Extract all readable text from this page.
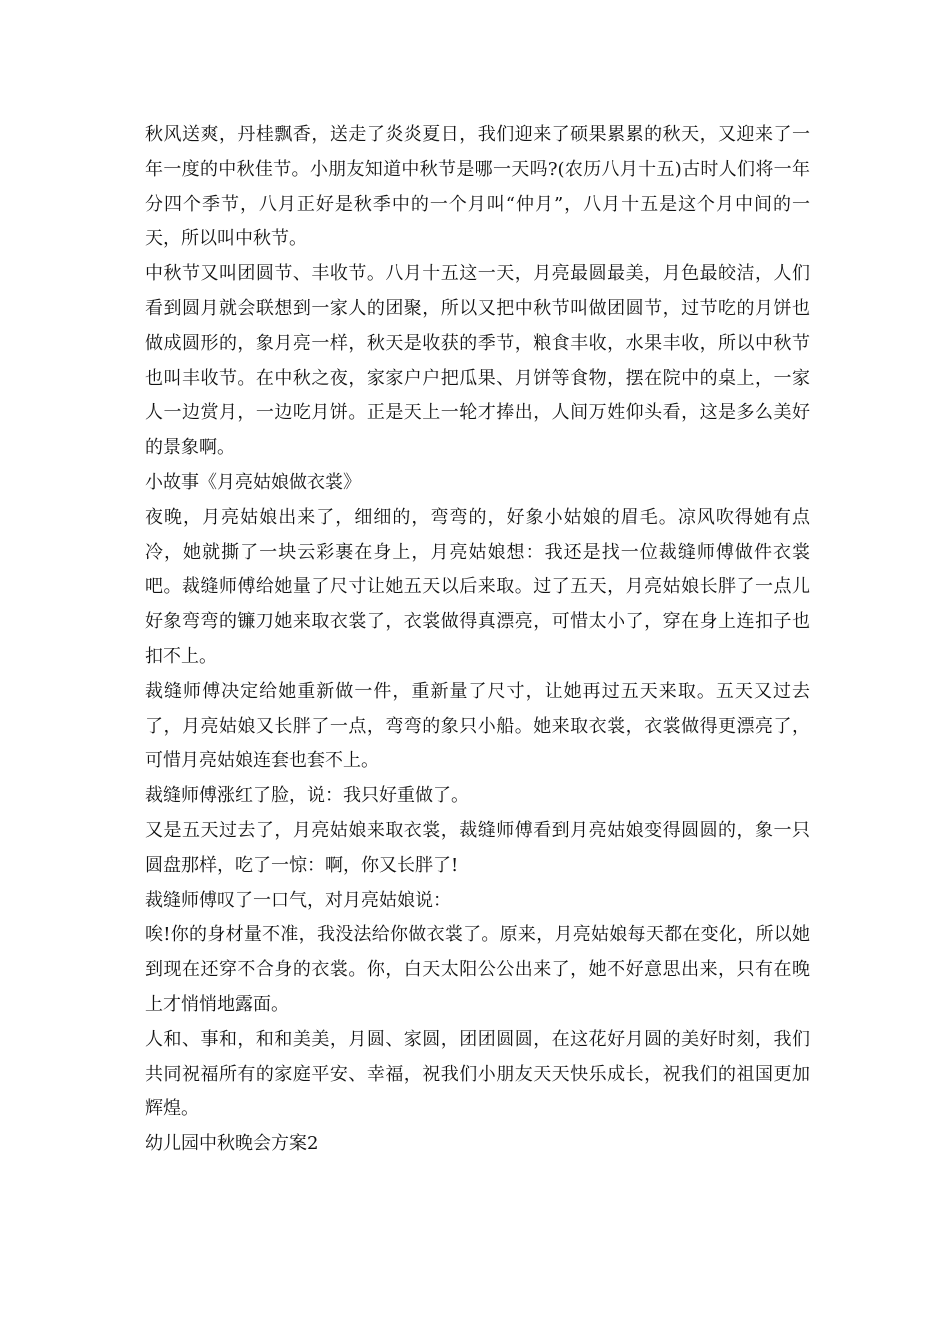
秋风送爽，丹桂飘香，送走了炎炎夏日，我们迎来了硕果累累的秋天，又迎来了一年一度的中秋佳节。小朋友知道中秋节是哪一天吗?(农历八月十五)古时人们将一年分四个季节，八月正好是秋季中的一个月叫“仲月”，八月十五是这个月中间的一天，所以叫中秋节。

中秋节又叫团圆节、丰收节。八月十五这一天，月亮最圆最美，月色最皎洁，人们看到圆月就会联想到一家人的团聚，所以又把中秋节叫做团圆节，过节吃的月饼也做成圆形的，象月亮一样，秋天是收获的季节，粮食丰收，水果丰收，所以中秋节也叫丰收节。在中秋之夜，家家户户把瓜果、月饼等食物，摆在院中的桌上，一家人一边赏月，一边吃月饼。正是天上一轮才捧出，人间万姓仰头看，这是多么美好的景象啊。

小故事《月亮姑娘做衣裳》

夜晚，月亮姑娘出来了，细细的，弯弯的，好象小姑娘的眉毛。凉风吹得她有点冷，她就撕了一块云彩裹在身上，月亮姑娘想：我还是找一位裁缝师傅做件衣裳吧。裁缝师傅给她量了尺寸让她五天以后来取。过了五天，月亮姑娘长胖了一点儿好象弯弯的镰刀她来取衣裳了，衣裳做得真漂亮，可惜太小了，穿在身上连扣子也扣不上。

裁缝师傅决定给她重新做一件，重新量了尺寸，让她再过五天来取。五天又过去了，月亮姑娘又长胖了一点，弯弯的象只小船。她来取衣裳，衣裳做得更漂亮了，可惜月亮姑娘连套也套不上。

裁缝师傅涨红了脸，说：我只好重做了。

又是五天过去了，月亮姑娘来取衣裳，裁缝师傅看到月亮姑娘变得圆圆的，象一只圆盘那样，吃了一惊：啊，你又长胖了!

裁缝师傅叹了一口气，对月亮姑娘说：

唉!你的身材量不准，我没法给你做衣裳了。原来，月亮姑娘每天都在变化，所以她到现在还穿不合身的衣裳。你，白天太阳公公出来了，她不好意思出来，只有在晚上才悄悄地露面。

人和、事和，和和美美，月圆、家圆，团团圆圆，在这花好月圆的美好时刻，我们共同祝福所有的家庭平安、幸福，祝我们小朋友天天快乐成长，祝我们的祖国更加辉煌。

幼儿园中秋晚会方案2
